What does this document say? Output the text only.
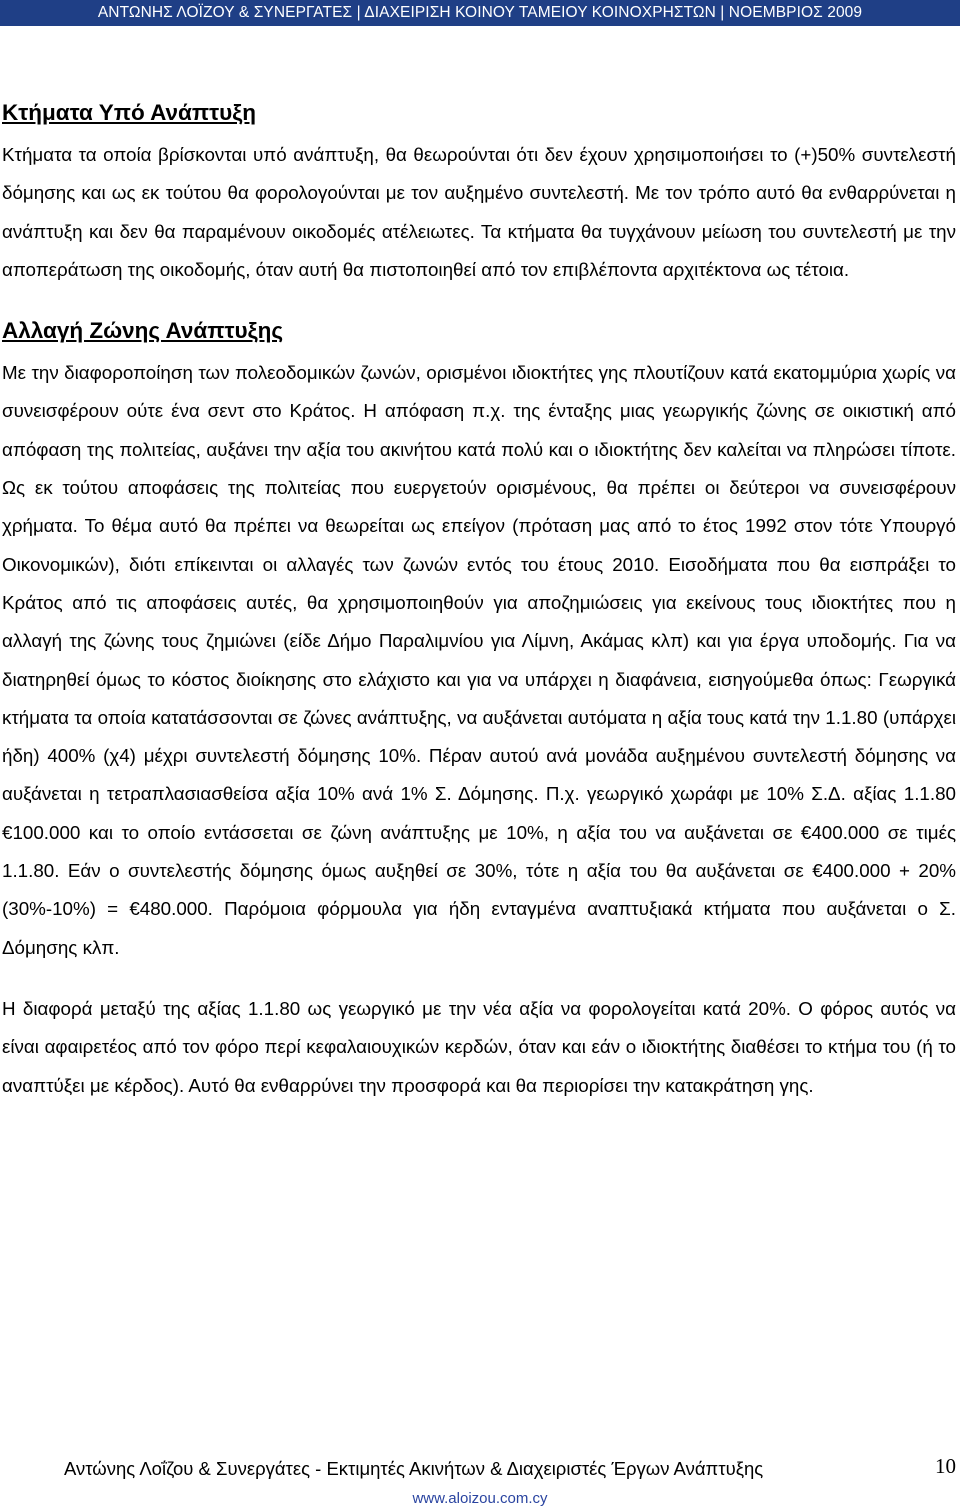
ΑΝΤΩΝΗΣ ΛΟΪΖΟΥ & ΣΥΝΕΡΓΑΤΕΣ | ΔΙΑΧΕΙΡΙΣΗ ΚΟΙΝΟΥ ΤΑΜΕΙΟΥ ΚΟΙΝΟΧΡΗΣΤΩΝ | ΝΟΕΜΒΡΙΟΣ 2009
Κτήματα Υπό Ανάπτυξη

Κτήματα τα οποία βρίσκονται υπό ανάπτυξη, θα θεωρούνται ότι δεν έχουν χρησιμοποιήσει το (+)50% συντελεστή δόμησης και ως εκ τούτου θα φορολογούνται με τον αυξημένο συντελεστή. Με τον τρόπο αυτό θα ενθαρρύνεται η ανάπτυξη και δεν θα παραμένουν οικοδομές ατέλειωτες. Τα κτήματα θα τυγχάνουν μείωση του συντελεστή με την αποπεράτωση της οικοδομής, όταν αυτή θα πιστοποιηθεί από τον επιβλέποντα αρχιτέκτονα ως τέτοια.

Αλλαγή Ζώνης Ανάπτυξης

Με την διαφοροποίηση των πολεοδομικών ζωνών, ορισμένοι ιδιοκτήτες γης πλουτίζουν κατά εκατομμύρια χωρίς να συνεισφέρουν ούτε ένα σεντ στο Κράτος. Η απόφαση π.χ. της ένταξης μιας γεωργικής ζώνης σε οικιστική από απόφαση της πολιτείας, αυξάνει την αξία του ακινήτου κατά πολύ και ο ιδιοκτήτης δεν καλείται να πληρώσει τίποτε. Ως εκ τούτου αποφάσεις της πολιτείας που ευεργετούν ορισμένους, θα πρέπει οι δεύτεροι να συνεισφέρουν χρήματα. Το θέμα αυτό θα πρέπει να θεωρείται ως επείγον (πρόταση μας από το έτος 1992 στον τότε Υπουργό Οικονομικών), διότι επίκεινται οι αλλαγές των ζωνών εντός του έτους 2010. Εισοδήματα που θα εισπράξει το Κράτος από τις αποφάσεις αυτές, θα χρησιμοποιηθούν για αποζημιώσεις για εκείνους τους ιδιοκτήτες που η αλλαγή της ζώνης τους ζημιώνει (είδε Δήμο Παραλιμνίου για Λίμνη, Ακάμας κλπ) και για έργα υποδομής. Για να διατηρηθεί όμως το κόστος διοίκησης στο ελάχιστο και για να υπάρχει η διαφάνεια, εισηγούμεθα όπως: Γεωργικά κτήματα τα οποία κατατάσσονται σε ζώνες ανάπτυξης, να αυξάνεται αυτόματα η αξία τους κατά την 1.1.80 (υπάρχει ήδη) 400% (χ4) μέχρι συντελεστή δόμησης 10%. Πέραν αυτού ανά μονάδα αυξημένου συντελεστή δόμησης να αυξάνεται η τετραπλασιασθείσα αξία 10% ανά 1% Σ. Δόμησης. Π.χ. γεωργικό χωράφι με 10% Σ.Δ. αξίας 1.1.80 €100.000 και το οποίο εντάσσεται σε ζώνη ανάπτυξης με 10%, η αξία του να αυξάνεται σε €400.000 σε τιμές 1.1.80. Εάν ο συντελεστής δόμησης όμως αυξηθεί σε 30%, τότε η αξία του θα αυξάνεται σε €400.000 + 20% (30%-10%) = €480.000. Παρόμοια φόρμουλα για ήδη ενταγμένα αναπτυξιακά κτήματα που αυξάνεται ο Σ. Δόμησης κλπ.

Η διαφορά μεταξύ της αξίας 1.1.80 ως γεωργικό με την νέα αξία να φορολογείται κατά 20%. Ο φόρος αυτός να είναι αφαιρετέος από τον φόρο περί κεφαλαιουχικών κερδών, όταν και εάν ο ιδιοκτήτης διαθέσει το κτήμα του (ή το αναπτύξει με κέρδος). Αυτό θα ενθαρρύνει την προσφορά και θα περιορίσει την κατακράτηση γης.

Αντώνης Λοΐζου & Συνεργάτες - Εκτιμητές Ακινήτων & Διαχειριστές Έργων Ανάπτυξης	10
www.aloizou.com.cy
